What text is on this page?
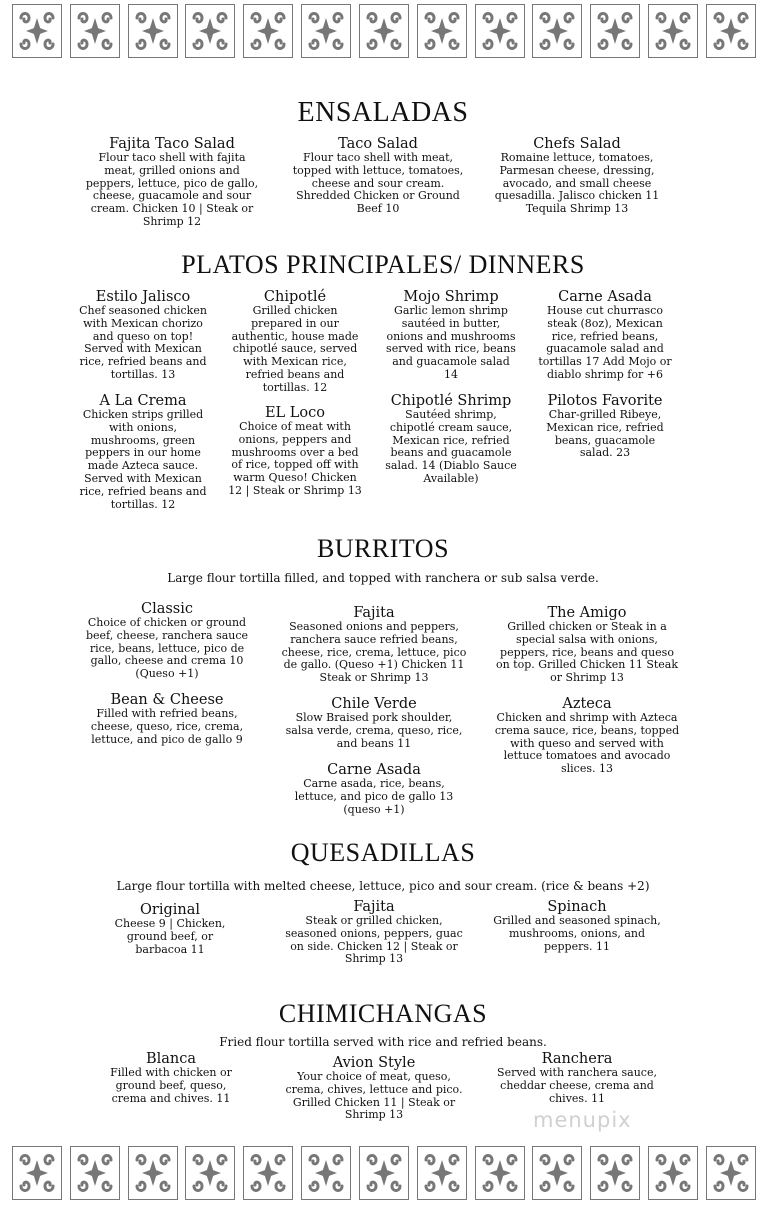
ENSALADAS
Fajita Taco Salad
Flour taco shell with fajita meat, grilled onions and peppers, lettuce, pico de gallo, cheese, guacamole and sour cream. Chicken 10 | Steak or Shrimp 12
Taco Salad
Flour taco shell with meat, topped with lettuce, tomatoes, cheese and sour cream. Shredded Chicken or Ground Beef 10
Chefs Salad
Romaine lettuce, tomatoes, Parmesan cheese, dressing, avocado, and small cheese quesadilla. Jalisco chicken 11 Tequila Shrimp 13
PLATOS PRINCIPALES/ DINNERS
Estilo Jalisco
Chef seasoned chicken with Mexican chorizo and queso on top! Served with Mexican rice, refried beans and tortillas. 13
Chipotlé
Grilled chicken prepared in our authentic, house made chipotlé sauce, served with Mexican rice, refried beans and tortillas. 12
Mojo Shrimp
Garlic lemon shrimp sautéed in butter, onions and mushrooms served with rice, beans and guacamole salad 14
Carne Asada
House cut churrasco steak (8oz), Mexican rice, refried beans, guacamole salad and tortillas 17 Add Mojo or diablo shrimp for +6
A La Crema
Chicken strips grilled with onions, mushrooms, green peppers in our home made Azteca sauce. Served with Mexican rice, refried beans and tortillas. 12
EL Loco
Choice of meat with onions, peppers and mushrooms over a bed of rice, topped off with warm Queso! Chicken 12 | Steak or Shrimp 13
Chipotlé Shrimp
Sautéed shrimp, chipotlé cream sauce, Mexican rice, refried beans and guacamole salad. 14 (Diablo Sauce Available)
Pilotos Favorite
Char-grilled Ribeye, Mexican rice, refried beans, guacamole salad. 23
BURRITOS
Large flour tortilla filled, and topped with ranchera or sub salsa verde.
Classic
Choice of chicken or ground beef, cheese, ranchera sauce rice, beans, lettuce, pico de gallo, cheese and crema 10 (Queso +1)
Fajita
Seasoned onions and peppers, ranchera sauce refried beans, cheese, rice, crema, lettuce, pico de gallo. (Queso +1) Chicken 11 Steak or Shrimp 13
The Amigo
Grilled chicken or Steak in a special salsa with onions, peppers, rice, beans and queso on top. Grilled Chicken 11 Steak or Shrimp 13
Bean & Cheese
Filled with refried beans, cheese, queso, rice, crema, lettuce, and pico de gallo 9
Chile Verde
Slow Braised pork shoulder, salsa verde, crema, queso, rice, and beans 11
Azteca
Chicken and shrimp with Azteca crema sauce, rice, beans, topped with queso and served with lettuce tomatoes and avocado slices. 13
Carne Asada
Carne asada, rice, beans, lettuce, and pico de gallo 13 (queso +1)
QUESADILLAS
Large flour tortilla with melted cheese, lettuce, pico and sour cream. (rice & beans +2)
Original
Cheese 9 | Chicken, ground beef, or barbacoa 11
Fajita
Steak or grilled chicken, seasoned onions, peppers, guac on side. Chicken 12 | Steak or Shrimp 13
Spinach
Grilled and seasoned spinach, mushrooms, onions, and peppers. 11
CHIMICHANGAS
Fried flour tortilla served with rice and refried beans.
Blanca
Filled with chicken or ground beef, queso, crema and chives. 11
Avion Style
Your choice of meat, queso, crema, chives, lettuce and pico. Grilled Chicken 11 | Steak or Shrimp 13
Ranchera
Served with ranchera sauce, cheddar cheese, crema and chives. 11
menupix
